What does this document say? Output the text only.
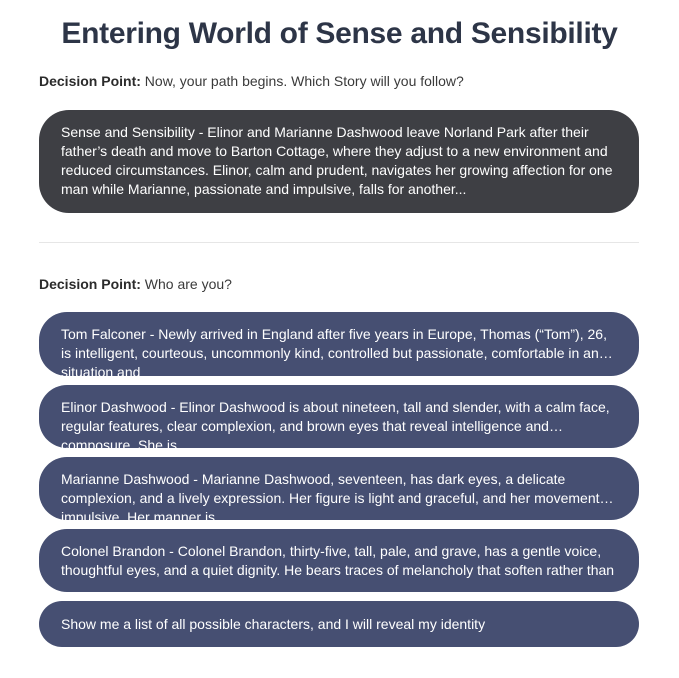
Entering World of Sense and Sensibility
Decision Point: Now, your path begins. Which Story will you follow?
Sense and Sensibility - Elinor and Marianne Dashwood leave Norland Park after their father’s death and move to Barton Cottage, where they adjust to a new environment and reduced circumstances. Elinor, calm and prudent, navigates her growing affection for one man while Marianne, passionate and impulsive, falls for another...
Decision Point: Who are you?
Tom Falconer - Newly arrived in England after five years in Europe, Thomas (“Tom”), 26, is intelligent, courteous, uncommonly kind, controlled but passionate, comfortable in any situation and
Elinor Dashwood - Elinor Dashwood is about nineteen, tall and slender, with a calm face, regular features, clear complexion, and brown eyes that reveal intelligence and composure. She is
Marianne Dashwood - Marianne Dashwood, seventeen, has dark eyes, a delicate complexion, and a lively expression. Her figure is light and graceful, and her movements impulsive. Her manner is
Colonel Brandon - Colonel Brandon, thirty-five, tall, pale, and grave, has a gentle voice, thoughtful eyes, and a quiet dignity. He bears traces of melancholy that soften rather than
Show me a list of all possible characters, and I will reveal my identity
